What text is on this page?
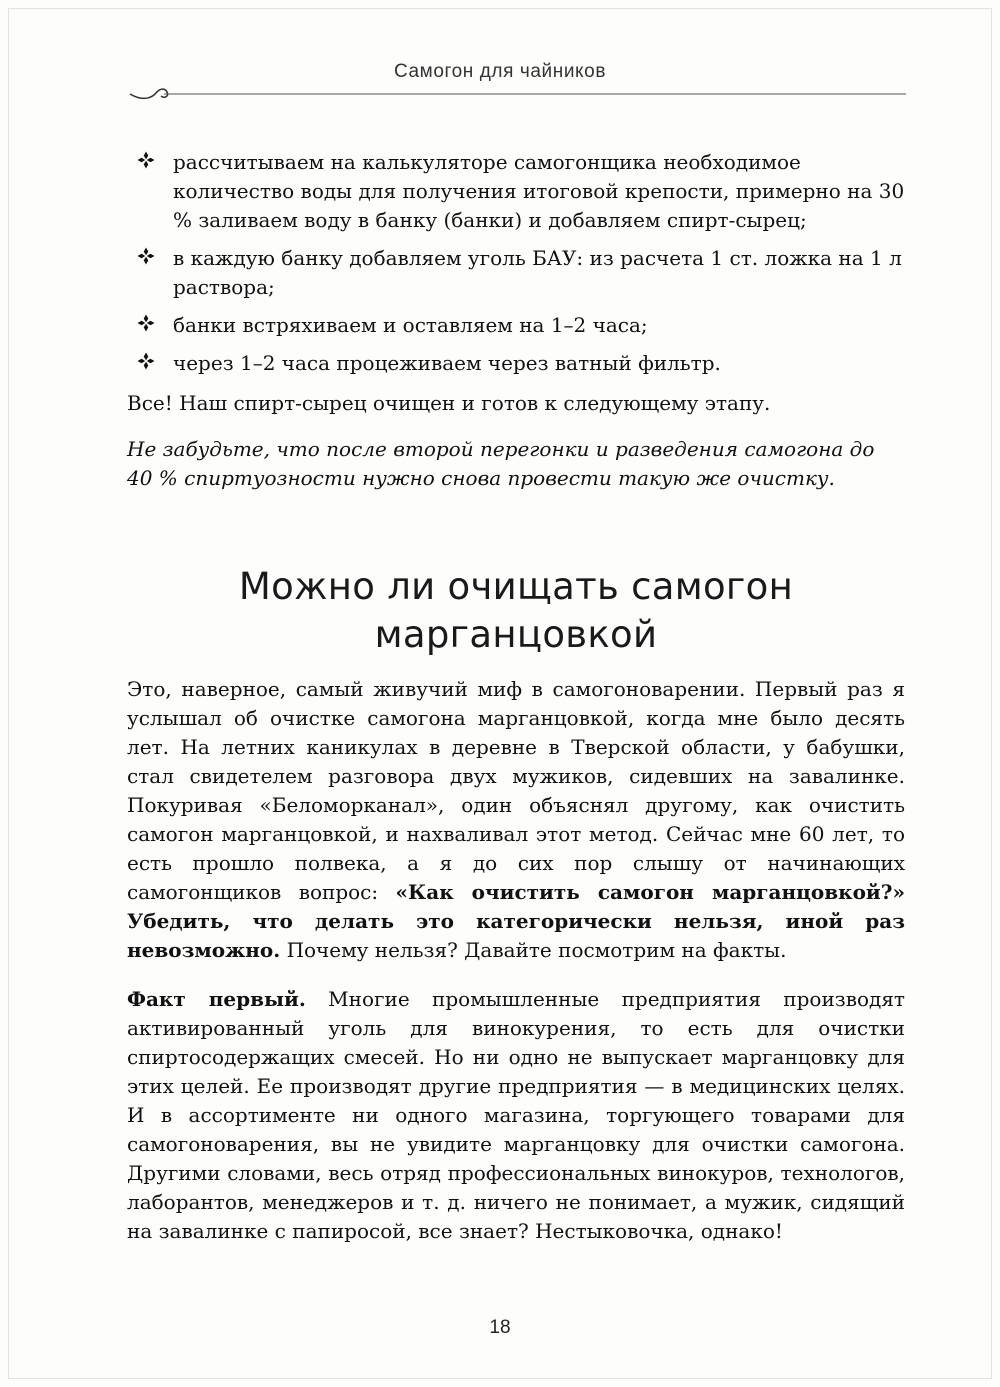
Самогон для чайников
рассчитываем на калькуляторе самогонщика необходимое количество воды для получения итоговой крепости, примерно на 30 % заливаем воду в банку (банки) и добавляем спирт-сырец;
в каждую банку добавляем уголь БАУ: из расчета 1 ст. ложка на 1 л раствора;
банки встряхиваем и оставляем на 1–2 часа;
через 1–2 часа процеживаем через ватный фильтр.

Все! Наш спирт-сырец очищен и готов к следующему этапу.

Не забудьте, что после второй перегонки и разведения самогона до 40 % спиртуозности нужно снова провести такую же очистку.

Можно ли очищать самогон марганцовкой

Это, наверное, самый живучий миф в самогоноварении. Первый раз я услышал об очистке самогона марганцовкой, когда мне было десять лет. На летних каникулах в деревне в Тверской области, у бабушки, стал свидетелем разговора двух мужиков, сидевших на завалинке. Покуривая «Беломорканал», один объяснял другому, как очистить самогон марганцовкой, и нахваливал этот метод. Сейчас мне 60 лет, то есть прошло полвека, а я до сих пор слышу от начинающих самогонщиков вопрос: «Как очистить самогон марганцовкой?» Убедить, что делать это категорически нельзя, иной раз невозможно. Почему нельзя? Давайте посмотрим на факты.

Факт первый. Многие промышленные предприятия производят активированный уголь для винокурения, то есть для очистки спиртосодержащих смесей. Но ни одно не выпускает марганцовку для этих целей. Ее производят другие предприятия — в медицинских целях. И в ассортименте ни одного магазина, торгующего товарами для самогоноварения, вы не увидите марганцовку для очистки самогона. Другими словами, весь отряд профессиональных винокуров, технологов, лаборантов, менеджеров и т. д. ничего не понимает, а мужик, сидящий на завалинке с папиросой, все знает? Нестыковочка, однако!

18
